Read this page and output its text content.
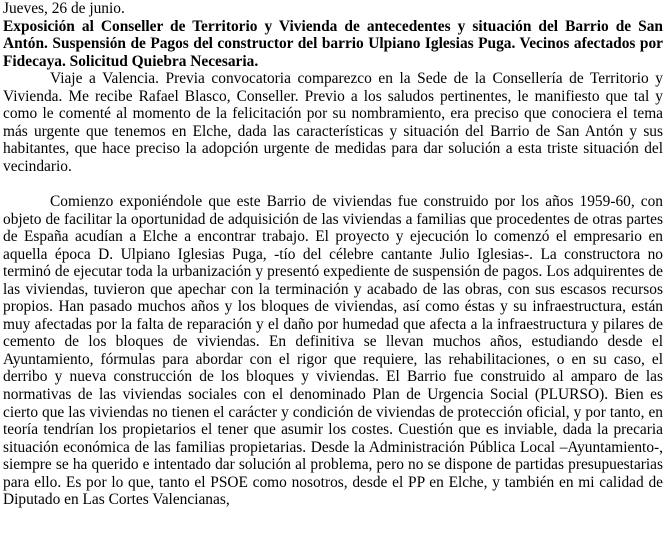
Jueves, 26 de junio.
Exposición al Conseller de Territorio y Vivienda de antecedentes y situación del Barrio de San Antón. Suspensión de Pagos del constructor del barrio Ulpiano Iglesias Puga. Vecinos afectados por Fidecaya. Solicitud Quiebra Necesaria.

Viaje a Valencia. Previa convocatoria comparezco en la Sede de la Consellería de Territorio y Vivienda. Me recibe Rafael Blasco, Conseller. Previo a los saludos pertinentes, le manifiesto que tal y como le comenté al momento de la felicitación por su nombramiento, era preciso que conociera el tema más urgente que tenemos en Elche, dada las características y situación del Barrio de San Antón y sus habitantes, que hace preciso la adopción urgente de medidas para dar solución a esta triste situación del vecindario.

Comienzo exponiéndole que este Barrio de viviendas fue construido por los años 1959-60, con objeto de facilitar la oportunidad de adquisición de las viviendas a familias que procedentes de otras partes de España acudían a Elche a encontrar trabajo. El proyecto y ejecución lo comenzó el empresario en aquella época D. Ulpiano Iglesias Puga, -tío del célebre cantante Julio Iglesias-. La constructora no terminó de ejecutar toda la urbanización y presentó expediente de suspensión de pagos. Los adquirentes de las viviendas, tuvieron que apechar con la terminación y acabado de las obras, con sus escasos recursos propios. Han pasado muchos años y los bloques de viviendas, así como éstas y su infraestructura, están muy afectadas por la falta de reparación y el daño por humedad que afecta a la infraestructura y pilares de cemento de los bloques de viviendas. En definitiva se llevan muchos años, estudiando desde el Ayuntamiento, fórmulas para abordar con el rigor que requiere, las rehabilitaciones, o en su caso, el derribo y nueva construcción de los bloques y viviendas. El Barrio fue construido al amparo de las normativas de las viviendas sociales con el denominado Plan de Urgencia Social (PLURSO). Bien es cierto que las viviendas no tienen el carácter y condición de viviendas de protección oficial, y por tanto, en teoría tendrían los propietarios el tener que asumir los costes. Cuestión que es inviable, dada la precaria situación económica de las familias propietarias. Desde la Administración Pública Local –Ayuntamiento-, siempre se ha querido e intentado dar solución al problema, pero no se dispone de partidas presupuestarias para ello. Es por lo que, tanto el PSOE como nosotros, desde el PP en Elche, y también en mi calidad de Diputado en Las Cortes Valencianas,
